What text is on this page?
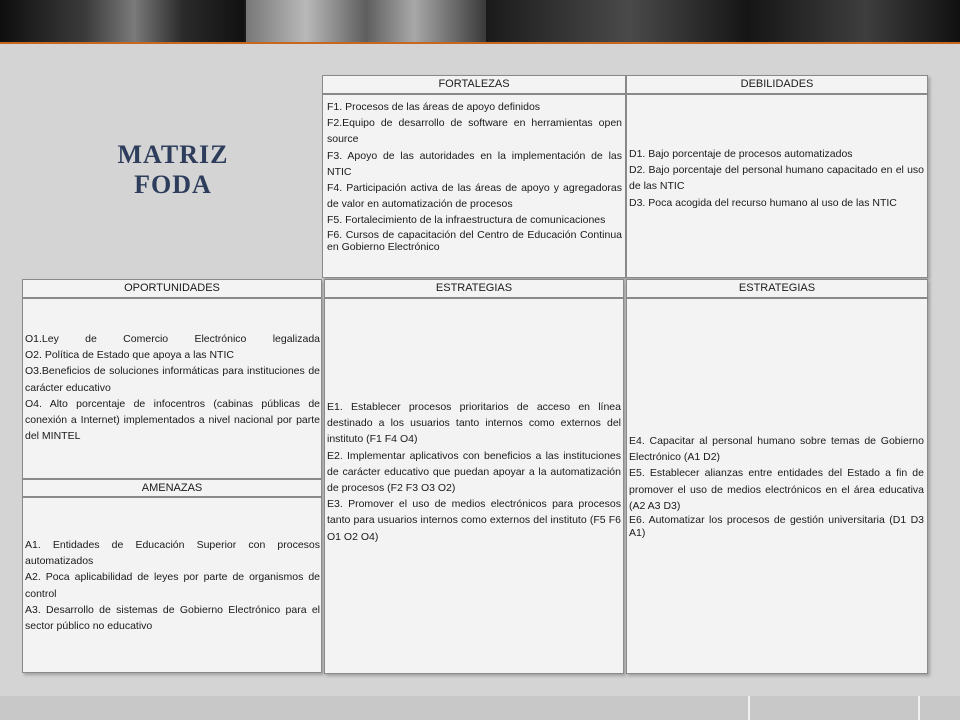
MATRIZ
FODA
FORTALEZAS

F1. Procesos de las áreas de apoyo definidos

F2.Equipo de desarrollo de software en herramientas open source

F3. Apoyo de las autoridades en la implementación de las NTIC

F4. Participación activa de las áreas de apoyo y agregadoras de valor en automatización de procesos

F5. Fortalecimiento de la infraestructura de comunicaciones

F6. Cursos de capacitación del Centro de Educación Continua en Gobierno Electrónico

DEBILIDADES

D1. Bajo porcentaje de procesos automatizados

D2. Bajo porcentaje del personal humano capacitado en el uso de las NTIC

D3. Poca acogida del recurso humano al uso de las NTIC

OPORTUNIDADES

O1.Ley de Comercio Electrónico legalizada

O2. Política de Estado que apoya a las NTIC

O3.Beneficios de soluciones informáticas para instituciones de carácter educativo

O4. Alto porcentaje de infocentros (cabinas públicas de conexión a Internet) implementados a nivel nacional por parte del MINTEL

AMENAZAS

A1. Entidades de Educación Superior con procesos automatizados

A2. Poca aplicabilidad de leyes por parte de organismos de control

A3. Desarrollo de sistemas de Gobierno Electrónico para el sector público no educativo

ESTRATEGIAS

E1. Establecer procesos prioritarios de acceso en línea destinado a los usuarios tanto internos como externos del instituto (F1 F4 O4)

E2. Implementar aplicativos con beneficios a las instituciones de carácter educativo que puedan apoyar a la automatización de procesos (F2 F3 O3 O2)

E3. Promover el uso de medios electrónicos para procesos tanto para usuarios internos como externos del instituto (F5 F6 O1 O2 O4)

ESTRATEGIAS

E4. Capacitar al personal humano sobre temas de Gobierno Electrónico (A1 D2)

E5. Establecer alianzas entre entidades del Estado a fin de promover el uso de medios electrónicos en el área educativa (A2 A3 D3)

E6. Automatizar los procesos de gestión universitaria (D1 D3 A1)
